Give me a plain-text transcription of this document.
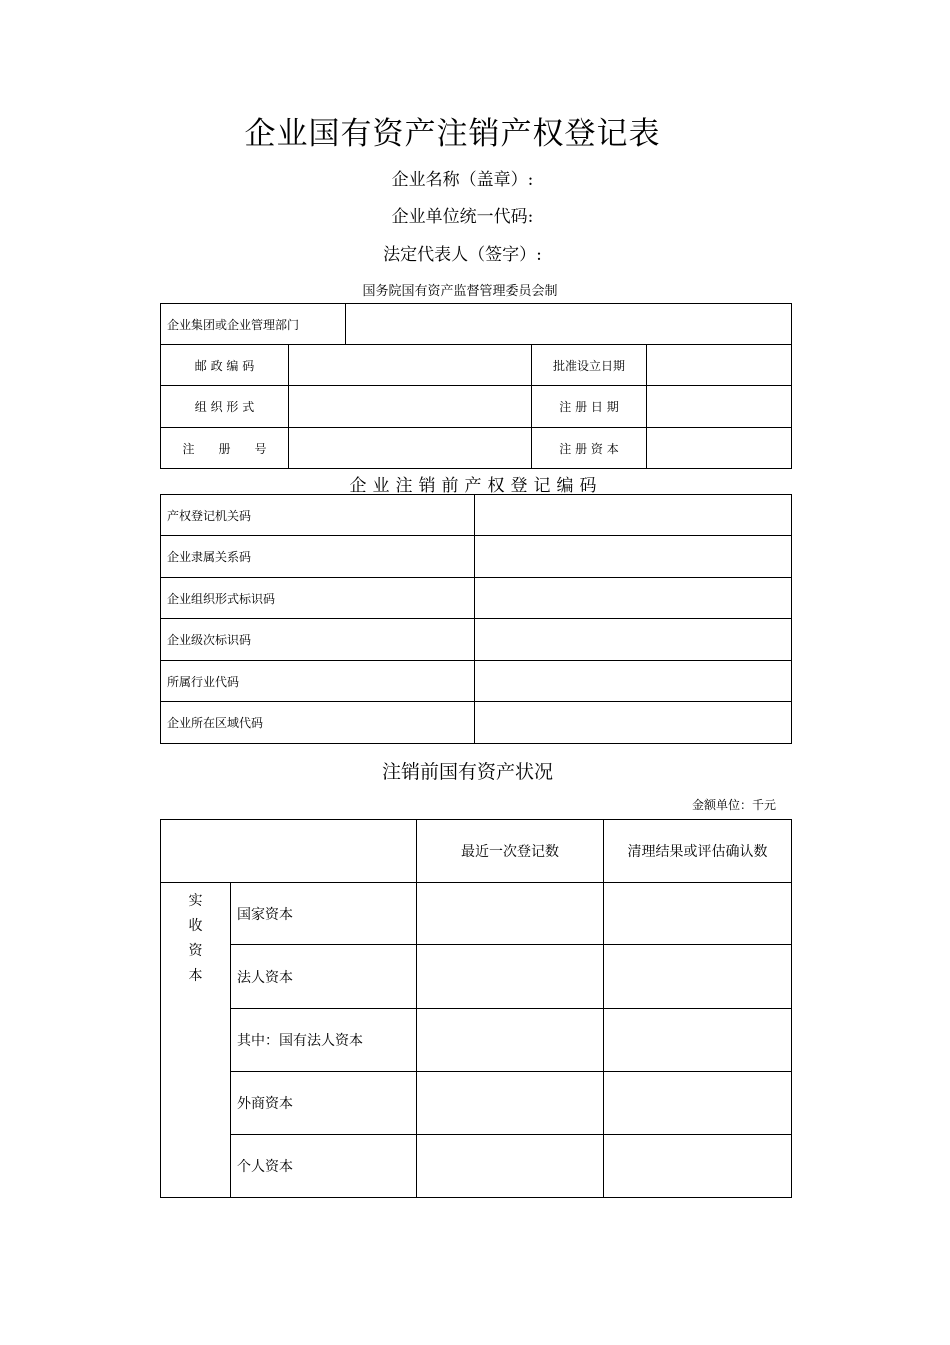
企业国有资产注销产权登记表
企业名称（盖章）:
企业单位统一代码:
法定代表人（签字）:
国务院国有资产监督管理委员会制
企业集团或企业管理部门	
邮 政 编 码		批准设立日期	
组 织 形 式		注 册 日 期	
注　　册　　号		注 册 资 本	
企业注销前产权登记编码
产权登记机关码	
企业隶属关系码	
企业组织形式标识码	
企业级次标识码	
所属行业代码	
企业所在区域代码	
注销前国有资产状况
金额单位：千元
		最近一次登记数	清理结果或评估确认数

实收资本	国家资本		
	法人资本		
	其中：国有法人资本		
	外商资本		
	个人资本		
